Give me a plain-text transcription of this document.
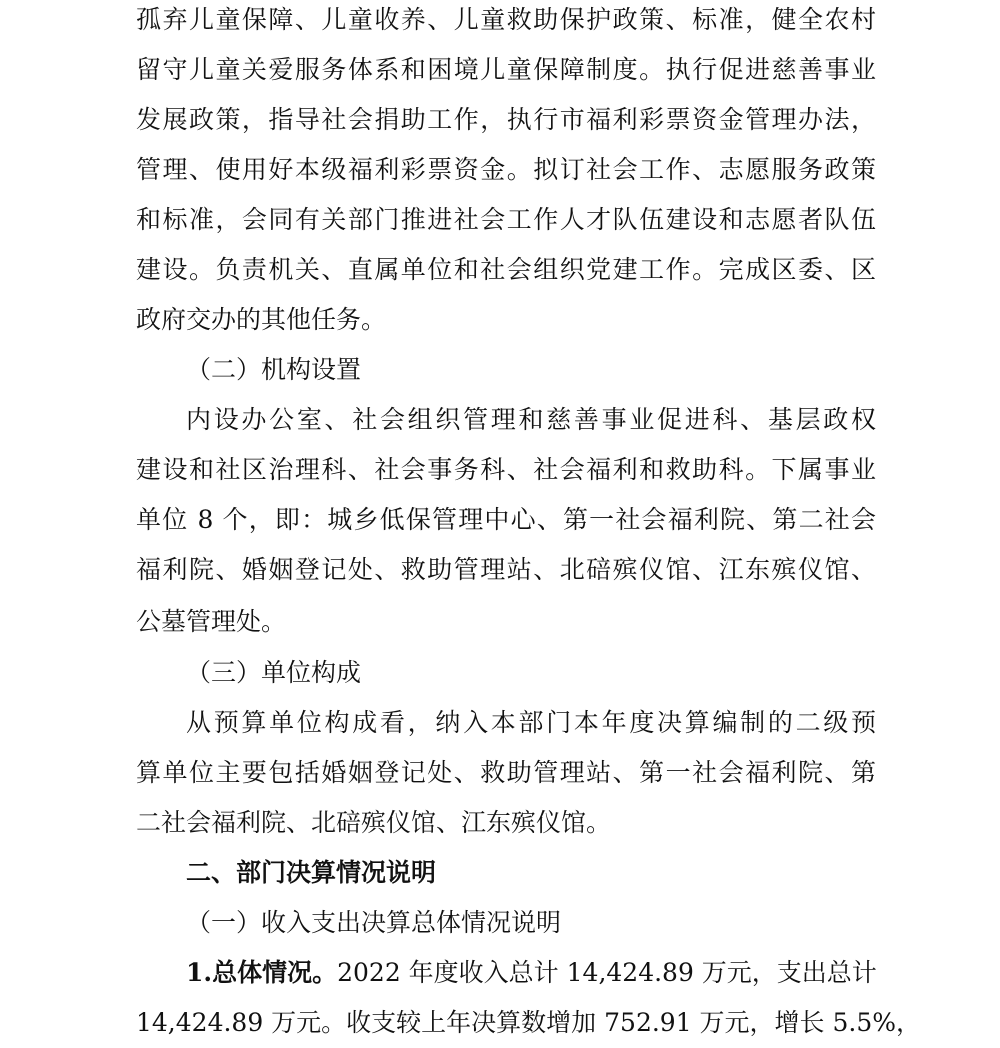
孤弃儿童保障、儿童收养、儿童救助保护政策、标准，健全农村
留守儿童关爱服务体系和困境儿童保障制度。执行促进慈善事业
发展政策，指导社会捐助工作，执行市福利彩票资金管理办法，
管理、使用好本级福利彩票资金。拟订社会工作、志愿服务政策
和标准，会同有关部门推进社会工作人才队伍建设和志愿者队伍
建设。负责机关、直属单位和社会组织党建工作。完成区委、区
政府交办的其他任务。
（二）机构设置
内设办公室、社会组织管理和慈善事业促进科、基层政权
建设和社区治理科、社会事务科、社会福利和救助科。下属事业
单位 8 个，即：城乡低保管理中心、第一社会福利院、第二社会
福利院、婚姻登记处、救助管理站、北碚殡仪馆、江东殡仪馆、
公墓管理处。
（三）单位构成
从预算单位构成看，纳入本部门本年度决算编制的二级预
算单位主要包括婚姻登记处、救助管理站、第一社会福利院、第
二社会福利院、北碚殡仪馆、江东殡仪馆。
二、部门决算情况说明
（一）收入支出决算总体情况说明
1.总体情况。2022 年度收入总计 14,424.89 万元，支出总计
14,424.89 万元。收支较上年决算数增加 752.91 万元，增长 5.5%，
